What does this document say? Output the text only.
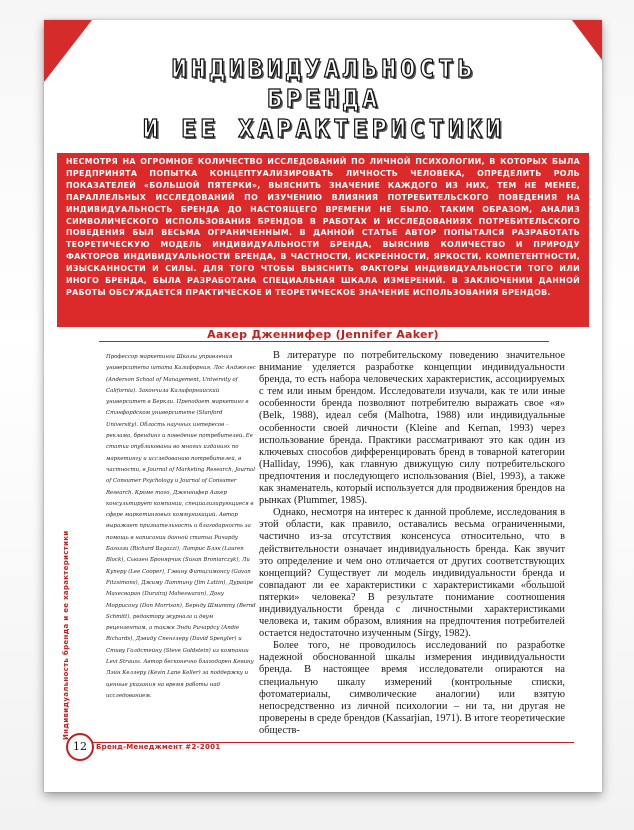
ИНДИВИДУАЛЬНОСТЬ
БРЕНДА
И ЕЕ ХАРАКТЕРИСТИКИ
НЕСМОТРЯ НА ОГРОМНОЕ КОЛИЧЕСТВО ИССЛЕДОВАНИЙ ПО ЛИЧНОЙ ПСИХОЛОГИИ, В КОТОРЫХ БЫЛА ПРЕДПРИНЯТА ПОПЫТКА КОНЦЕПТУАЛИЗИРОВАТЬ ЛИЧНОСТЬ ЧЕЛОВЕКА, ОПРЕДЕЛИТЬ РОЛЬ ПОКАЗАТЕЛЕЙ «БОЛЬШОЙ ПЯТЕРКИ», ВЫЯСНИТЬ ЗНАЧЕНИЕ КАЖДОГО ИЗ НИХ, ТЕМ НЕ МЕНЕЕ, ПАРАЛЛЕЛЬНЫХ ИССЛЕДОВАНИЙ ПО ИЗУЧЕНИЮ ВЛИЯНИЯ ПОТРЕБИТЕЛЬСКОГО ПОВЕДЕНИЯ НА ИНДИВИДУАЛЬНОСТЬ БРЕНДА ДО НАСТОЯЩЕГО ВРЕМЕНИ НЕ БЫЛО. ТАКИМ ОБРАЗОМ, АНАЛИЗ СИМВОЛИЧЕСКОГО ИСПОЛЬЗОВАНИЯ БРЕНДОВ В РАБОТАХ И ИССЛЕДОВАНИЯХ ПОТРЕБИТЕЛЬСКОГО ПОВЕДЕНИЯ БЫЛ ВЕСЬМА ОГРАНИЧЕННЫМ. В ДАННОЙ СТАТЬЕ АВТОР ПОПЫТАЛСЯ РАЗРАБОТАТЬ ТЕОРЕТИЧЕСКУЮ МОДЕЛЬ ИНДИВИДУАЛЬНОСТИ БРЕНДА, ВЫЯСНИВ КОЛИЧЕСТВО И ПРИРОДУ ФАКТОРОВ ИНДИВИДУАЛЬНОСТИ БРЕНДА, В ЧАСТНОСТИ, ИСКРЕННОСТИ, ЯРКОСТИ, КОМПЕТЕНТНОСТИ, ИЗЫСКАННОСТИ И СИЛЫ. ДЛЯ ТОГО ЧТОБЫ ВЫЯСНИТЬ ФАКТОРЫ ИНДИВИДУАЛЬНОСТИ ТОГО ИЛИ ИНОГО БРЕНДА, БЫЛА РАЗРАБОТАНА СПЕЦИАЛЬНАЯ ШКАЛА ИЗМЕРЕНИЙ. В ЗАКЛЮЧЕНИИ ДАННОЙ РАБОТЫ ОБСУЖДАЕТСЯ ПРАКТИЧЕСКОЕ И ТЕОРЕТИЧЕСКОЕ ЗНАЧЕНИЕ ИСПОЛЬЗОВАНИЯ БРЕНДОВ.
Аакер Дженнифер (Jennifer Aaker)
Профессор маркетинга Школы управления университета штата Калифорния, Лос Анджелес (Anderson School of Management, University of California). Закончила Калифорнийский университет в Беркли. Преподает маркетинг в Стэнфордском университете (Stanford University). Область научных интересов – реклама, брендинг и поведение потребителей. Ее статьи опубликованы во многих изданиях по маркетингу и исследованию потребителей, в частности, в Journal of Marketing Research, Journal of Consumer Psychology и Journal of Consumer Research. Кроме того, Дженнифер Аакер консультирует компании, специализирующиеся в сфере маркетинговых коммуникаций. Автор выражает признательность и благодарность за помощь в написании данной статьи Ричарду Багоззи (Richard Bagozzi), Латрис Блэк (Lauren Block), Сьюзен Бронярчик (Susan Broniarczyk), Ли Куперу (Lee Cooper), Гэвину Фитцсимонсу (Gavan Fitzsimons), Джиму Латтину (Jim Lattin), Дурайре Махесваран (Durairaj Maheswaran), Дону Моррисону (Don Morrison), Бернду Шмитту (Bernd Schmitt), редактору журнала и двум рецензентам, а также Энди Ричардсу (Andie Richards), Дэвиду Спенглеру (David Spengler) и Стиву Голдстейну (Steve Goldstein) из компании Levi Strauss. Автор бесконечно благодарен Кевину Лэйн Келлеру (Kevin Lane Keller) за поддержку и ценные указания на время работы над исследованием.

В литературе по потребительскому поведению значительное внимание уделяется разработке концепции индивидуальности бренда, то есть набора человеческих характеристик, ассоциируемых с тем или иным брендом. Исследователи изучали, как те или иные особенности бренда позволяют потребителю выражать свое «я» (Belk, 1988), идеал себя (Malhotra, 1988) или индивидуальные особенности своей личности (Kleine and Kernan, 1993) через использование бренда. Практики рассматривают это как один из ключевых способов дифференцировать бренд в товарной категории (Halliday, 1996), как главную движущую силу потребительского предпочтения и последующего использования (Biel, 1993), а также как знаменатель, который используется для продвижения брендов на рынках (Plummer, 1985).

Однако, несмотря на интерес к данной проблеме, исследования в этой области, как правило, оставались весьма ограниченными, частично из-за отсутствия консенсуса относительно, что в действительности означает индивидуальность бренда. Как звучит это определение и чем оно отличается от других соответствующих концепций? Существует ли модель индивидуальности бренда и совпадают ли ее характеристики с характеристиками «большой пятерки» человека? В результате понимание соотношения индивидуальности бренда с личностными характеристиками человека и, таким образом, влияния на предпочтения потребителей остается недостаточно изученным (Sirgy, 1982).

Более того, не проводилось исследований по разработке надежной обоснованной шкалы измерения индивидуальности бренда. В настоящее время исследователи опираются на специальную шкалу измерений (контрольные списки, фотоматериалы, символические аналогии) или взятую непосредственно из личной психологии – ни та, ни другая не проверены в среде брендов (Kassarjian, 1971). В итоге теоретические обществ-

Индивидуальность бренда и ее характеристики
12	Бренд-Менеджмент #2-2001
